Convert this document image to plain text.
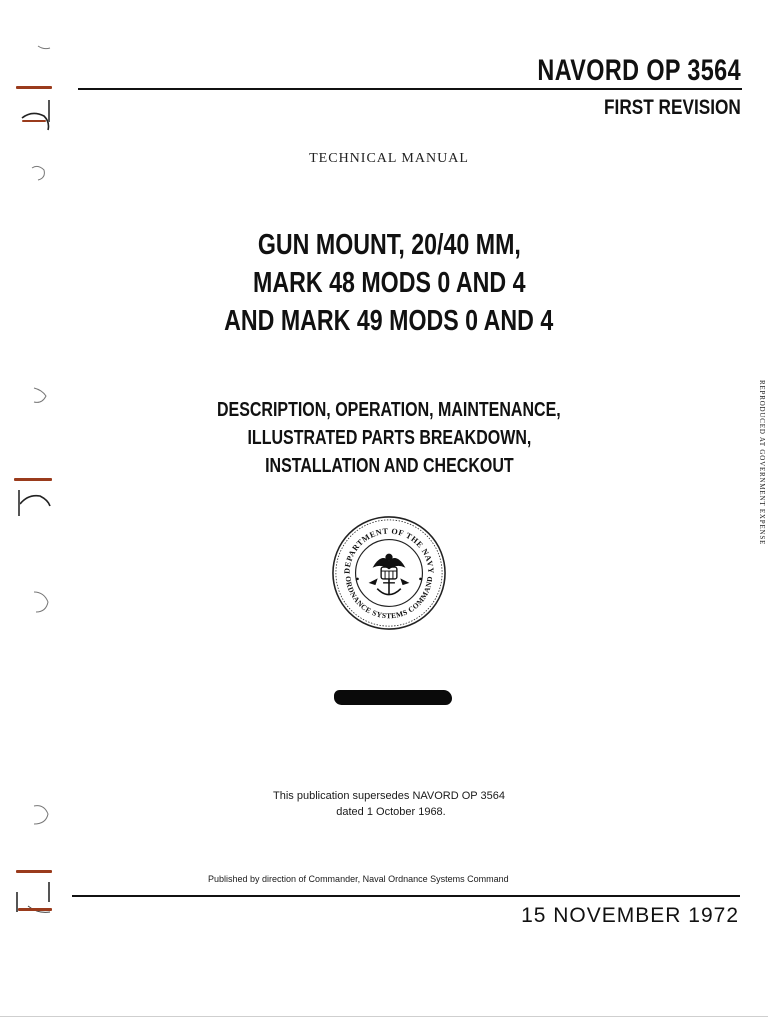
NAVORD OP 3564
FIRST REVISION
TECHNICAL MANUAL
GUN MOUNT, 20/40 MM,
MARK 48 MODS 0 AND 4
AND MARK 49 MODS 0 AND 4
DESCRIPTION, OPERATION, MAINTENANCE,
ILLUSTRATED PARTS BREAKDOWN,
INSTALLATION AND CHECKOUT
DEPARTMENT OF THE NAVY
ORDNANCE SYSTEMS COMMAND
This publication supersedes NAVORD OP 3564
dated 1 October 1968.
Published by direction of Commander, Naval Ordnance Systems Command
15 NOVEMBER 1972
REPRODUCED AT GOVERNMENT EXPENSE
